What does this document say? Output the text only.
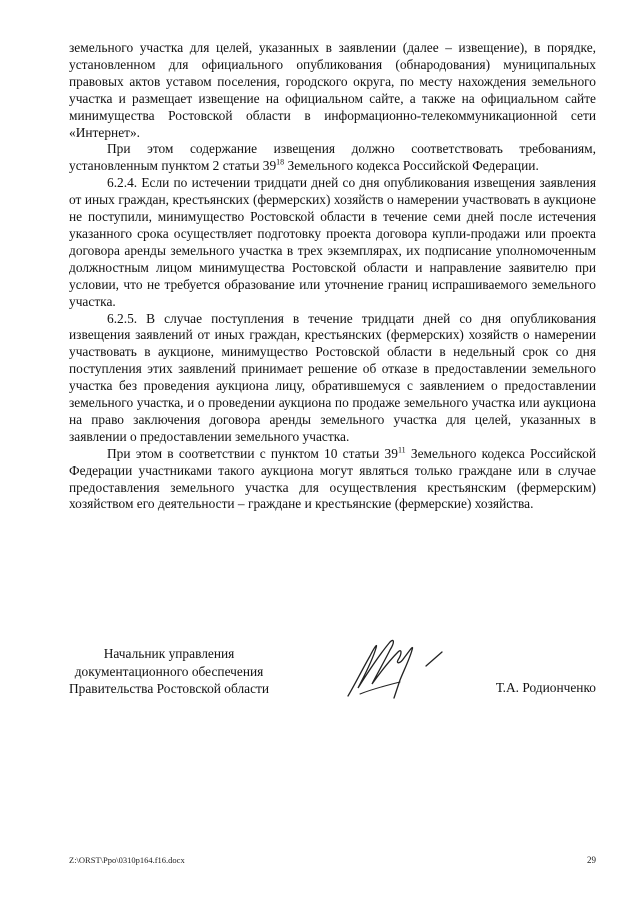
земельного участка для целей, указанных в заявлении (далее – извещение), в порядке, установленном для официального опубликования (обнародования) муниципальных правовых актов уставом поселения, городского округа, по месту нахождения земельного участка и размещает извещение на официальном сайте, а также на официальном сайте минимущества Ростовской области в информационно-телекоммуникационной сети «Интернет».

При этом содержание извещения должно соответствовать требованиям, установленным пунктом 2 статьи $39^{18}$ Земельного кодекса Российской Федерации.

6.2.4. Если по истечении тридцати дней со дня опубликования извещения заявления от иных граждан, крестьянских (фермерских) хозяйств о намерении участвовать в аукционе не поступили, минимущество Ростовской области в течение семи дней после истечения указанного срока осуществляет подготовку проекта договора купли-продажи или проекта договора аренды земельного участка в трех экземплярах, их подписание уполномоченным должностным лицом минимущества Ростовской области и направление заявителю при условии, что не требуется образование или уточнение границ испрашиваемого земельного участка.

6.2.5. В случае поступления в течение тридцати дней со дня опубликования извещения заявлений от иных граждан, крестьянских (фермерских) хозяйств о намерении участвовать в аукционе, минимущество Ростовской области в недельный срок со дня поступления этих заявлений принимает решение об отказе в предоставлении земельного участка без проведения аукциона лицу, обратившемуся с заявлением о предоставлении земельного участка, и о проведении аукциона по продаже земельного участка или аукциона на право заключения договора аренды земельного участка для целей, указанных в заявлении о предоставлении земельного участка.

При этом в соответствии с пунктом 10 статьи $39^{11}$ Земельного кодекса Российской Федерации участниками такого аукциона могут являться только граждане или в случае предоставления земельного участка для осуществления крестьянским (фермерским) хозяйством его деятельности – граждане и крестьянские (фермерские) хозяйства.

Начальник управления
документационного обеспечения
Правительства Ростовской области	Т.А. Родионченко
Z:\ORST\Ppo\0310p164.f16.docx	29
